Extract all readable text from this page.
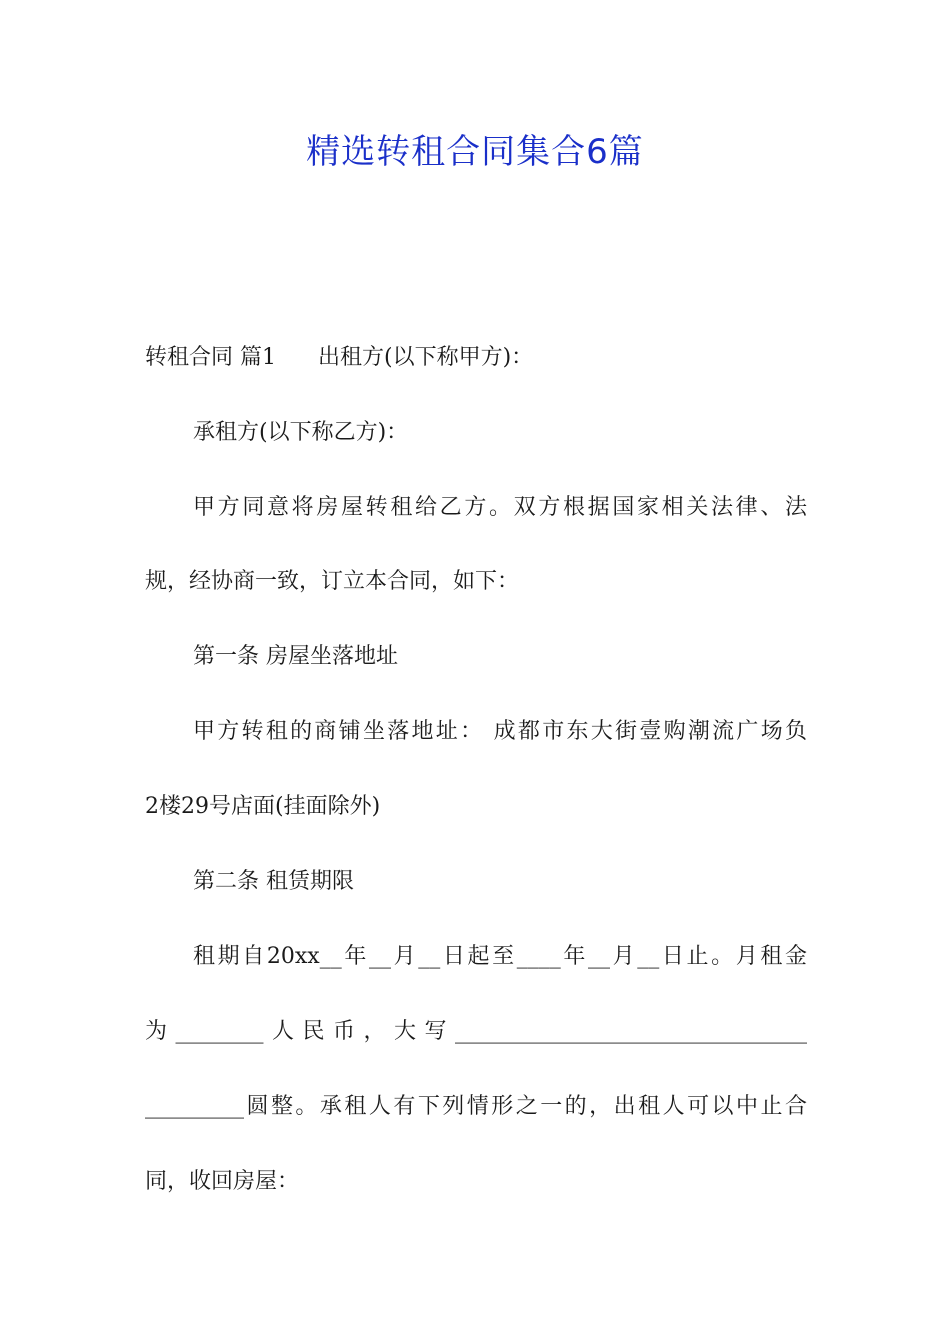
精选转租合同集合6篇
转租合同 篇1 出租方(以下称甲方)：
承租方(以下称乙方)：
甲方同意将房屋转租给乙方。双方根据国家相关法律、法
规，经协商一致，订立本合同，如下：
第一条 房屋坐落地址
甲方转租的商铺坐落地址： 成都市东大街壹购潮流广场负
2楼29号店面(挂面除外)
第二条 租赁期限
租期自20xx__年__月__日起至____年__月__日止。月租金
为________人民币，大写________________________________
_________圆整。承租人有下列情形之一的，出租人可以中止合
同，收回房屋：
